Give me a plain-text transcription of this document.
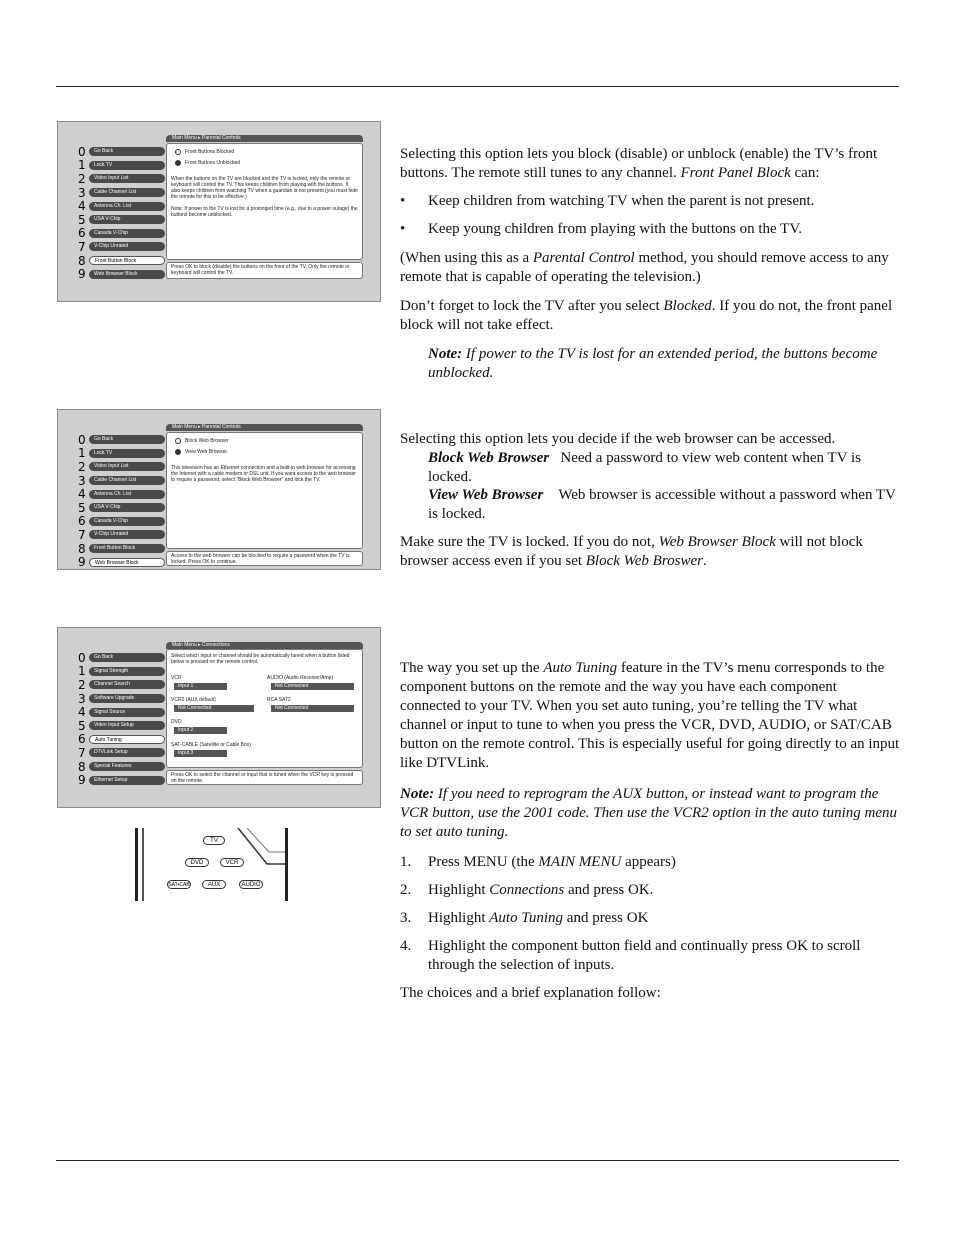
0	Go Back
1	Lock TV
2	Video Input List
3	Cable Channel List
4	Antenna Ch. List
5	USA V-Chip
6	Canada V-Chip
7	V-Chip Unrated
8	Front Button Block
9	Web Browser Block
Main Menu ▸ Parental Controls
Front Buttons Blocked
Front Buttons Unblocked

When the buttons on the TV are blocked and the TV is locked, only the remote or keyboard will control the TV. This keeps children from playing with the buttons. It also keeps children from watching TV when a guardian is not present (you must hide the remote for this to be effective.)

Note: If power to the TV is lost for a prolonged time (e.g., due to a power outage) the buttons become unblocked.

Press OK to block (disable) the buttons on the front of the TV. Only the remote or keyboard will control the TV.
0	Go Back
1	Lock TV
2	Video Input List
3	Cable Channel List
4	Antenna Ch. List
5	USA V-Chip
6	Canada V-Chip
7	V-Chip Unrated
8	Front Button Block
9	Web Browser Block
Main Menu ▸ Parental Controls
Block Web Browser
View Web Browser

This television has an Ethernet connection and a built-in web browser for accessing the Internet with a cable modem or DSL unit. If you want access to the web browser to require a password, select "Block Web Browser" and lock the TV.

Access to the web browser can be blocked to require a password when the TV is locked. Press OK to continue.
0	Go Back
1	Signal Strength
2	Channel Search
3	Software Upgrade
4	Signal Source
5	Video Input Setup
6	Auto Tuning
7	DTVLink Setup
8	Special Features
9	Ethernet Setup
Main Menu ▸ Connections

Select which input or channel should be automatically tuned when a button listed below is pressed on the remote control.

VCR
Input 1
AUDIO (Audio Receiver/Amp)
Not Connected
VCR2 (AUX default)
Not Connected
RCA SAT2
Not Connected
DVD
Input 2
SAT-CABLE (Satellite or Cable Box)
Input 3
Press OK to select the channel or input that is tuned when the VCR key is pressed on the remote.
TV
DVD	VCR
SAT•CAB	AUX	AUDIO
Selecting this option lets you block (disable) or unblock (enable) the TV’s front buttons. The remote still tunes to any channel. Front Panel Block can:
•	Keep children from watching TV when the parent is not present.
•	Keep young children from playing with the buttons on the TV.
(When using this as a Parental Control method, you should remove access to any remote that is capable of operating the television.)
Don’t forget to lock the TV after you select Blocked. If you do not, the front panel block will not take effect.
Note: If power to the TV is lost for an extended period, the buttons become unblocked.
Selecting this option lets you decide if the web browser can be accessed.
Block Web Browser Need a password to view web content when TV is locked.
View Web Browser Web browser is accessible without a password when TV is locked.
Make sure the TV is locked. If you do not, Web Browser Block will not block browser access even if you set Block Web Broswer.
The way you set up the Auto Tuning feature in the TV’s menu corresponds to the component buttons on the remote and the way you have each component connected to your TV. When you set auto tuning, you’re telling the TV what channel or input to tune to when you press the VCR, DVD, AUDIO, or SAT/CAB button on the remote control. This is especially useful for going directly to an input like DTVLink.
Note: If you need to reprogram the AUX button, or instead want to program the VCR button, use the 2001 code. Then use the VCR2 option in the auto tuning menu to set auto tuning.
1.	Press MENU (the MAIN MENU appears)
2.	Highlight Connections and press OK.
3.	Highlight Auto Tuning and press OK
4.	Highlight the component button field and continually press OK to scroll through the selection of inputs.
The choices and a brief explanation follow:
